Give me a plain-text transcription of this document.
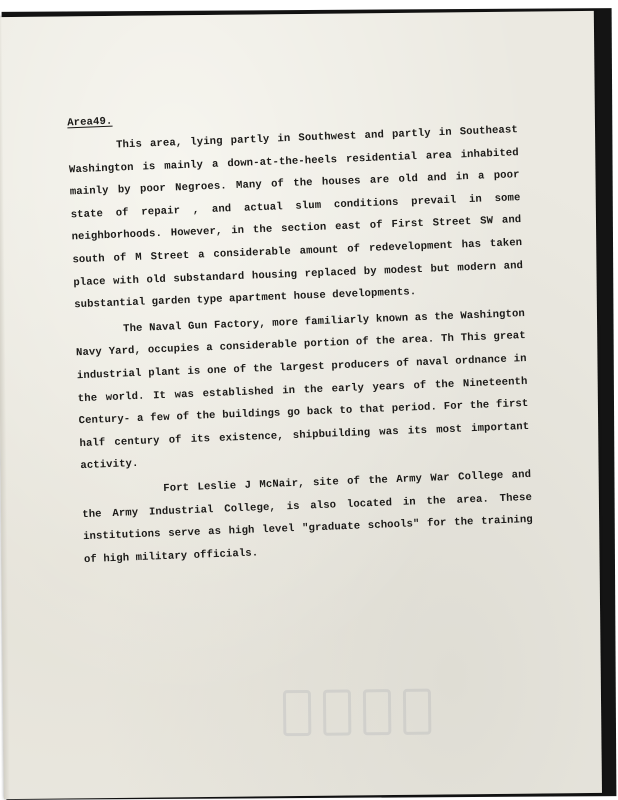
Area49.

This area, lying partly in Southwest and partly in Southeast Washington is mainly a down-at-the-heels residential area inhabited mainly by poor Negroes. Many of the houses are old and in a poor state of repair , and actual slum conditions prevail in some neighborhoods. However, in the section east of First Street SW and south of M Street a considerable amount of redevelopment has taken place with old substandard housing replaced by modest but modern and substantial garden type apartment house developments.

The Naval Gun Factory, more familiarly known as the Washington Navy Yard, occupies a considerable portion of the area. Th This great industrial plant is one of the largest producers of naval ordnance in the world. It was established in the early years of the Nineteenth Century- a few of the buildings go back to that period. For the first half century of its existence, shipbuilding was its most important activity.

Fort Leslie J McNair, site of the Army War College and the Army Industrial College, is also located in the area. These institutions serve as high level "graduate schools" for the training of high military officials.
